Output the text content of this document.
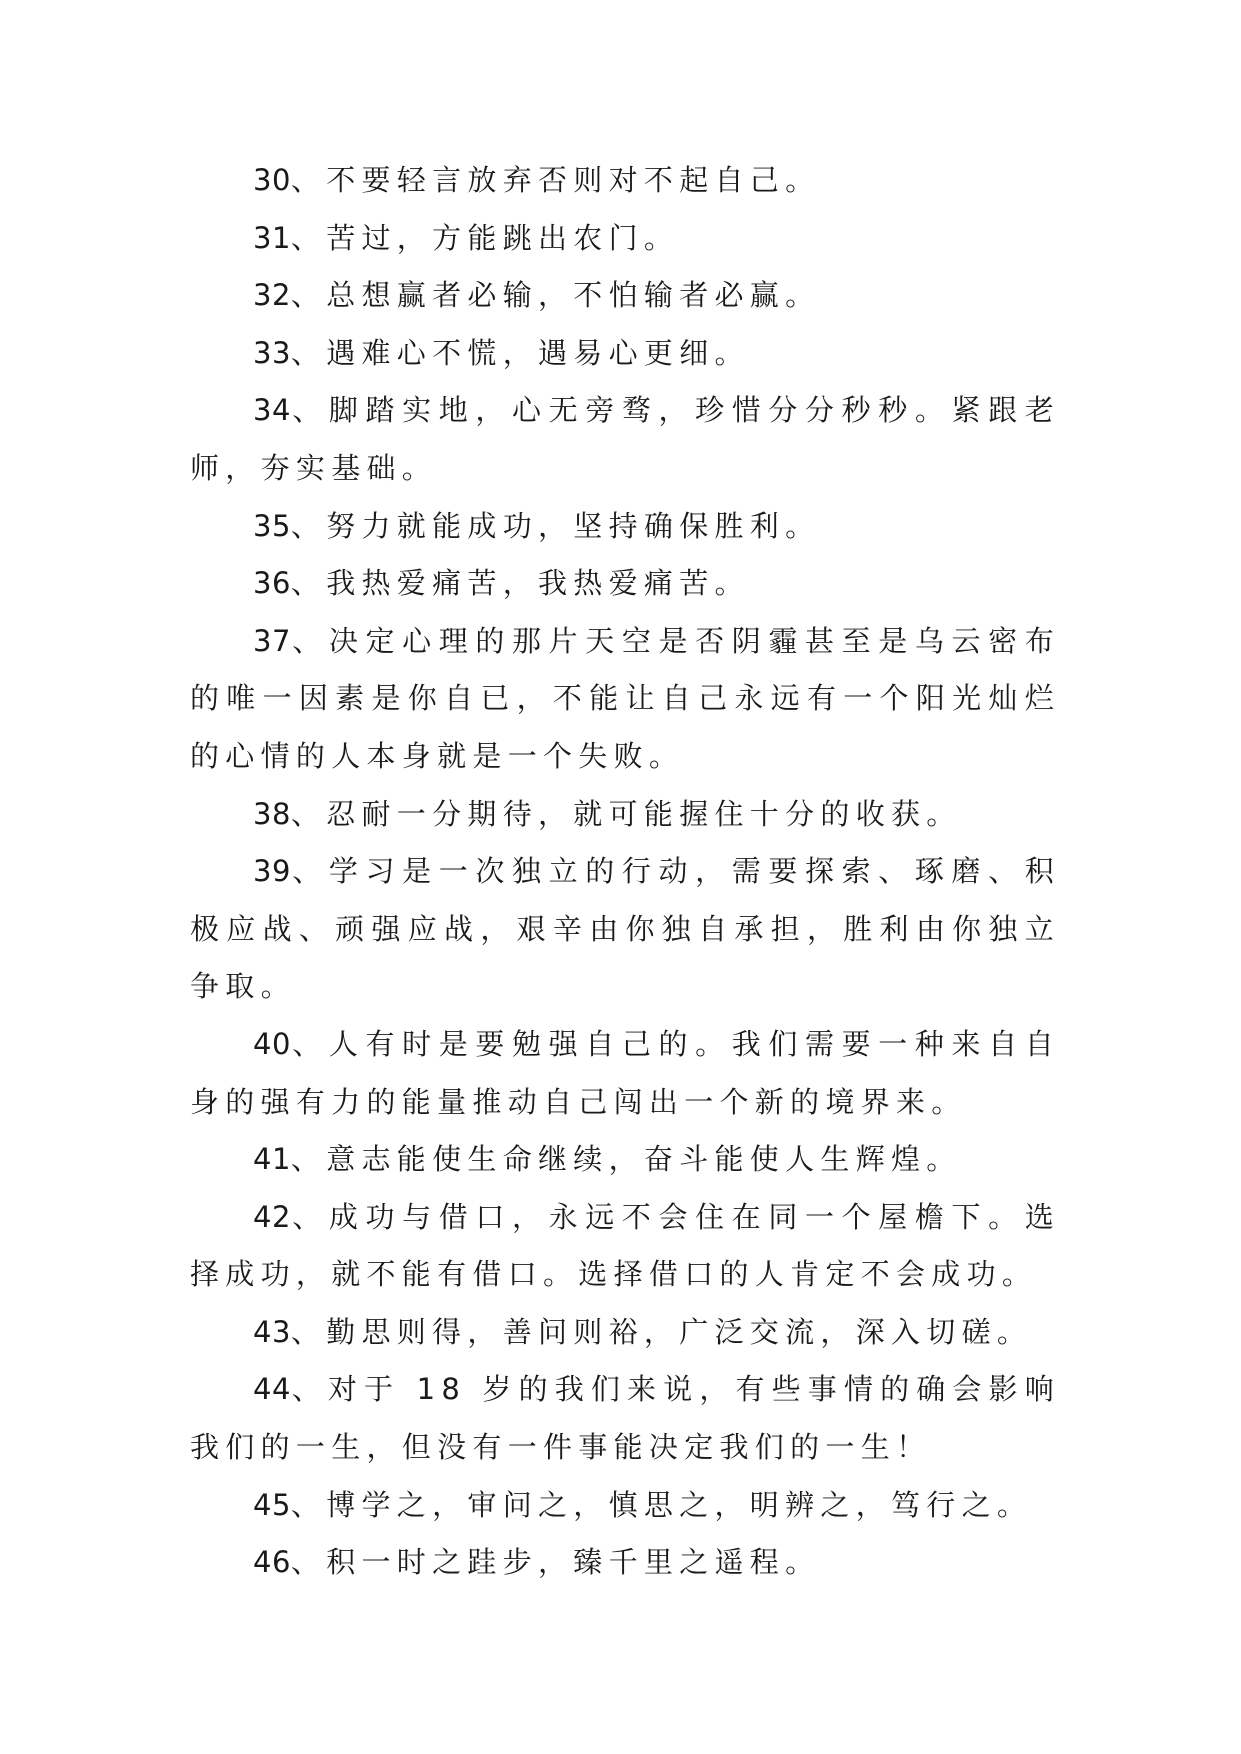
30、不要轻言放弃否则对不起自己。

31、苦过，方能跳出农门。

32、总想赢者必输，不怕输者必赢。

33、遇难心不慌，遇易心更细。

34、脚踏实地，心无旁骛，珍惜分分秒秒。紧跟老师，夯实基础。

35、努力就能成功，坚持确保胜利。

36、我热爱痛苦，我热爱痛苦。

37、决定心理的那片天空是否阴霾甚至是乌云密布的唯一因素是你自已，不能让自己永远有一个阳光灿烂的心情的人本身就是一个失败。

38、忍耐一分期待，就可能握住十分的收获。

39、学习是一次独立的行动，需要探索、琢磨、积极应战、顽强应战，艰辛由你独自承担，胜利由你独立争取。

40、人有时是要勉强自己的。我们需要一种来自自身的强有力的能量推动自己闯出一个新的境界来。

41、意志能使生命继续，奋斗能使人生辉煌。

42、成功与借口，永远不会住在同一个屋檐下。选择成功，就不能有借口。选择借口的人肯定不会成功。

43、勤思则得，善问则裕，广泛交流，深入切磋。

44、对于 18 岁的我们来说，有些事情的确会影响我们的一生，但没有一件事能决定我们的一生！

45、博学之，审问之，慎思之，明辨之，笃行之。

46、积一时之跬步，臻千里之遥程。
